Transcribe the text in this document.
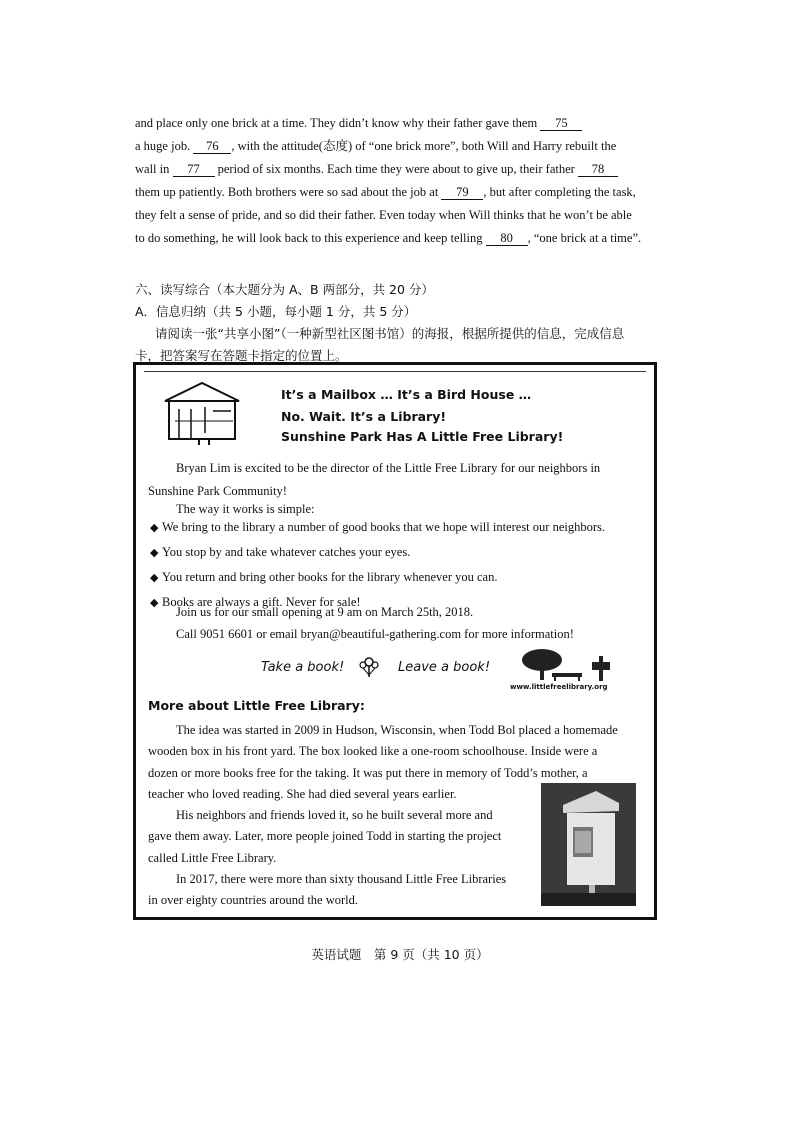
and place only one brick at a time. They didn’t know why their father gave them 75
a huge job. 76 , with the attitude(态度) of “one brick more”, both Will and Harry rebuilt the
wall in 77 period of six months. Each time they were about to give up, their father 78
them up patiently. Both brothers were so sad about the job at 79 , but after completing the task,
they felt a sense of pride, and so did their father. Even today when Will thinks that he won’t be able
to do something, he will look back to this experience and keep telling 80 , “one brick at a time”.
六、读写综合（本大题分为 A、B 两部分，共 20 分）
A．信息归纳（共 5 小题，每小题 1 分，共 5 分）
请阅读一张“共享小图”（一种新型社区图书馆）的海报，根据所提供的信息，完成信息
卡，把答案写在答题卡指定的位置上。
It’s a Mailbox … It’s a Bird House …
No. Wait. It’s a Library!
Sunshine Park Has A Little Free Library!
Bryan Lim is excited to be the director of the Little Free Library for our neighbors in
Sunshine Park Community!
The way it works is simple:
◆ We bring to the library a number of good books that we hope will interest our neighbors.
◆ You stop by and take whatever catches your eyes.
◆ You return and bring other books for the library whenever you can.
◆ Books are always a gift. Never for sale!
Join us for our small opening at 9 am on March 25th, 2018.
Call 9051 6601 or email bryan@beautiful-gathering.com for more information!
Take a book!	Leave a book!
www.littlefreelibrary.org
More about Little Free Library:
The idea was started in 2009 in Hudson, Wisconsin, when Todd Bol placed a homemade
wooden box in his front yard. The box looked like a one-room schoolhouse. Inside were a
dozen or more books free for the taking. It was put there in memory of Todd’s mother, a
teacher who loved reading. She had died several years earlier.
His neighbors and friends loved it, so he built several more and
gave them away. Later, more people joined Todd in starting the project
called Little Free Library.
In 2017, there were more than sixty thousand Little Free Libraries
in over eighty countries around the world.
英语试题　第 9 页（共 10 页）
